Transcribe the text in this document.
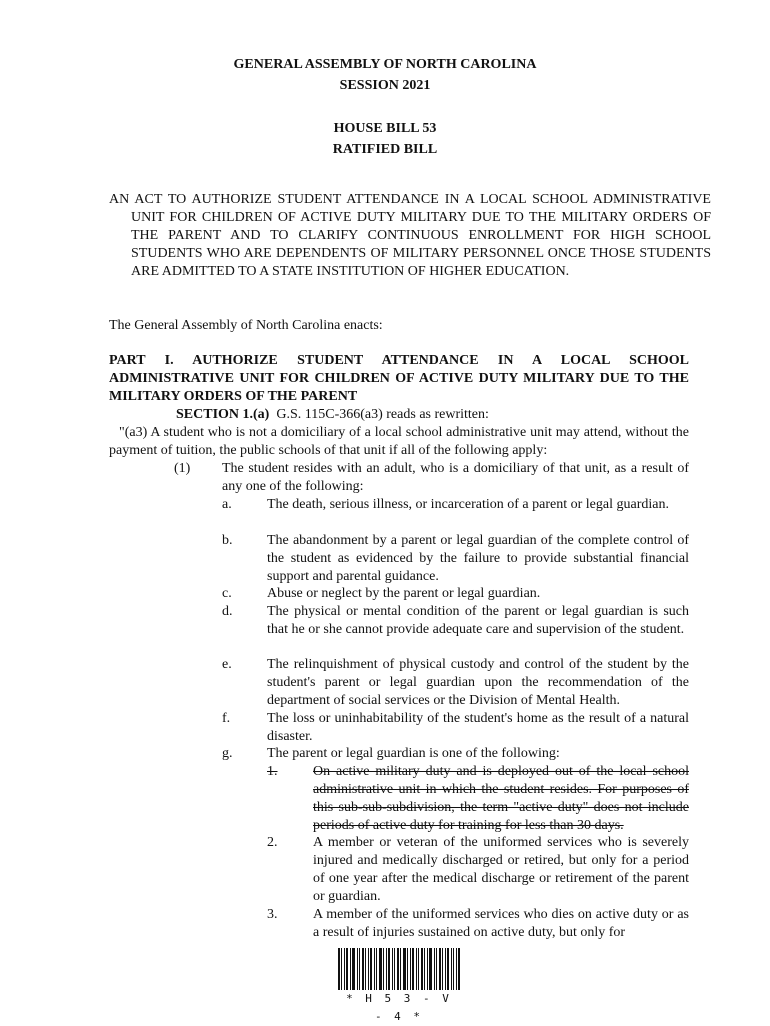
GENERAL ASSEMBLY OF NORTH CAROLINA
SESSION 2021
HOUSE BILL 53
RATIFIED BILL
AN ACT TO AUTHORIZE STUDENT ATTENDANCE IN A LOCAL SCHOOL ADMINISTRATIVE UNIT FOR CHILDREN OF ACTIVE DUTY MILITARY DUE TO THE MILITARY ORDERS OF THE PARENT AND TO CLARIFY CONTINUOUS ENROLLMENT FOR HIGH SCHOOL STUDENTS WHO ARE DEPENDENTS OF MILITARY PERSONNEL ONCE THOSE STUDENTS ARE ADMITTED TO A STATE INSTITUTION OF HIGHER EDUCATION.
The General Assembly of North Carolina enacts:
PART I. AUTHORIZE STUDENT ATTENDANCE IN A LOCAL SCHOOL ADMINISTRATIVE UNIT FOR CHILDREN OF ACTIVE DUTY MILITARY DUE TO THE MILITARY ORDERS OF THE PARENT
SECTION 1.(a) G.S. 115C-366(a3) reads as rewritten:
"(a3) A student who is not a domiciliary of a local school administrative unit may attend, without the payment of tuition, the public schools of that unit if all of the following apply:
(1) The student resides with an adult, who is a domiciliary of that unit, as a result of any one of the following:
a.	The death, serious illness, or incarceration of a parent or legal guardian.
b. The abandonment by a parent or legal guardian of the complete control of the student as evidenced by the failure to provide substantial financial support and parental guidance.
c.	Abuse or neglect by the parent or legal guardian.
d. The physical or mental condition of the parent or legal guardian is such that he or she cannot provide adequate care and supervision of the student.
e.	The relinquishment of physical custody and control of the student by the student's parent or legal guardian upon the recommendation of the department of social services or the Division of Mental Health.
f.	The loss or uninhabitability of the student's home as the result of a natural disaster.
g. The parent or legal guardian is one of the following:
1.	On active military duty and is deployed out of the local school administrative unit in which the student resides. For purposes of this sub-sub-subdivision, the term "active duty" does not include periods of active duty for training for less than 30 days.
2.	A member or veteran of the uniformed services who is severely injured and medically discharged or retired, but only for a period of one year after the medical discharge or retirement of the parent or guardian.
3.	A member of the uniformed services who dies on active duty or as a result of injuries sustained on active duty, but only for
* H 5 3 - V - 4 *
